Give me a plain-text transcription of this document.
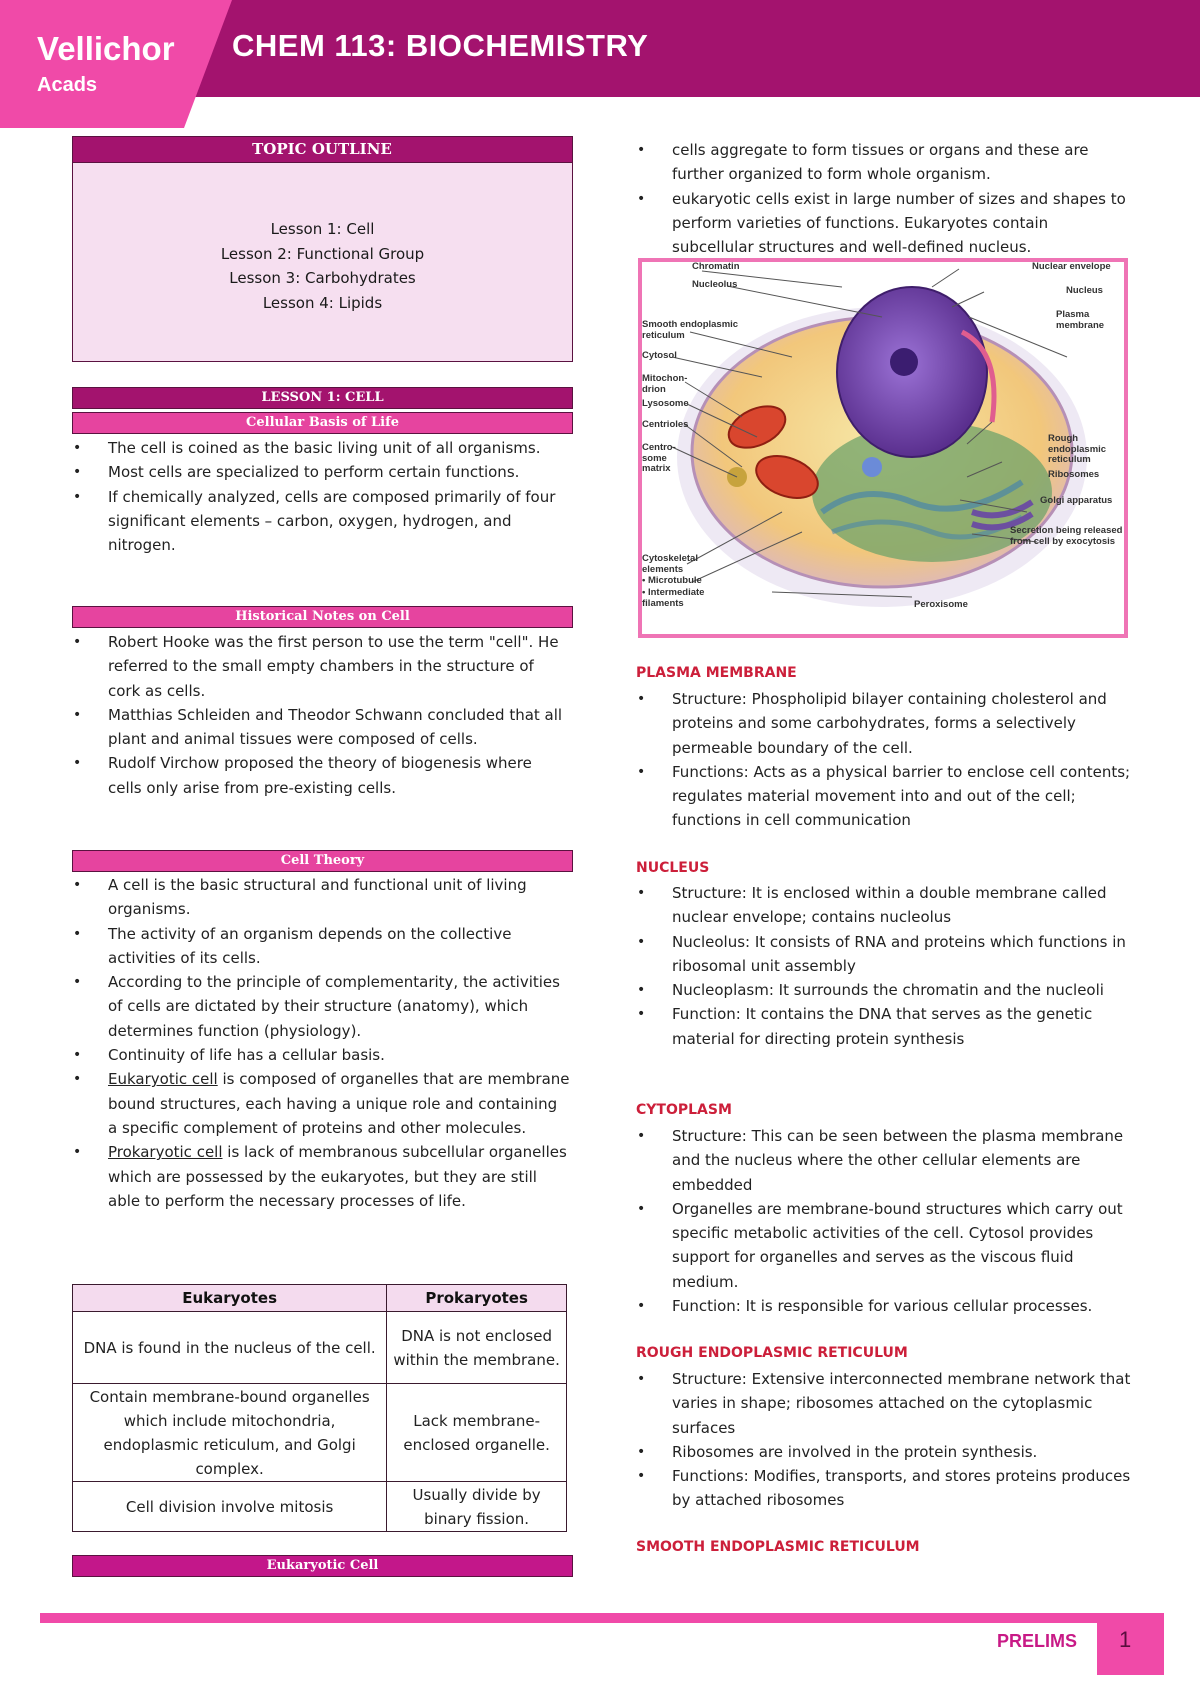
Vellichor
Acads
CHEM 113: BIOCHEMISTRY
TOPIC OUTLINE
Lesson 1: Cell
Lesson 2: Functional Group
Lesson 3: Carbohydrates
Lesson 4: Lipids
LESSON 1: CELL
Cellular Basis of Life
• The cell is coined as the basic living unit of all organisms.
• Most cells are specialized to perform certain functions.
• If chemically analyzed, cells are composed primarily of four significant elements – carbon, oxygen, hydrogen, and nitrogen.
Historical Notes on Cell
• Robert Hooke was the first person to use the term "cell". He referred to the small empty chambers in the structure of cork as cells.
• Matthias Schleiden and Theodor Schwann concluded that all plant and animal tissues were composed of cells.
• Rudolf Virchow proposed the theory of biogenesis where cells only arise from pre-existing cells.
Cell Theory
• A cell is the basic structural and functional unit of living organisms.
• The activity of an organism depends on the collective activities of its cells.
• According to the principle of complementarity, the activities of cells are dictated by their structure (anatomy), which determines function (physiology).
• Continuity of life has a cellular basis.
• Eukaryotic cell is composed of organelles that are membrane bound structures, each having a unique role and containing a specific complement of proteins and other molecules.
• Prokaryotic cell is lack of membranous subcellular organelles which are possessed by the eukaryotes, but they are still able to perform the necessary processes of life.
Eukaryotes	Prokaryotes
DNA is found in the nucleus of the cell.	DNA is not enclosed within the membrane.
Contain membrane-bound organelles which include mitochondria, endoplasmic reticulum, and Golgi complex.	Lack membrane-enclosed organelle.
Cell division involve mitosis	Usually divide by binary fission.
Eukaryotic Cell
• cells aggregate to form tissues or organs and these are further organized to form whole organism.
• eukaryotic cells exist in large number of sizes and shapes to perform varieties of functions. Eukaryotes contain subcellular structures and well-defined nucleus.
Chromatin
Nucleolus
Smooth endoplasmic reticulum
Cytosol
Mitochon-drion
Lysosome
Centrioles
Centro-some matrix
Cytoskeletal elements
• Microtubule
• Intermediate filaments
Nuclear envelope
Nucleus
Plasma membrane
Rough endoplasmic reticulum
Ribosomes
Golgi apparatus
Secretion being released from cell by exocytosis
Peroxisome
PLASMA MEMBRANE
• Structure: Phospholipid bilayer containing cholesterol and proteins and some carbohydrates, forms a selectively permeable boundary of the cell.
• Functions: Acts as a physical barrier to enclose cell contents; regulates material movement into and out of the cell; functions in cell communication
NUCLEUS
• Structure: It is enclosed within a double membrane called nuclear envelope; contains nucleolus
• Nucleolus: It consists of RNA and proteins which functions in ribosomal unit assembly
• Nucleoplasm: It surrounds the chromatin and the nucleoli
• Function: It contains the DNA that serves as the genetic material for directing protein synthesis
CYTOPLASM
• Structure: This can be seen between the plasma membrane and the nucleus where the other cellular elements are embedded
• Organelles are membrane-bound structures which carry out specific metabolic activities of the cell. Cytosol provides support for organelles and serves as the viscous fluid medium.
• Function: It is responsible for various cellular processes.
ROUGH ENDOPLASMIC RETICULUM
• Structure: Extensive interconnected membrane network that varies in shape; ribosomes attached on the cytoplasmic surfaces
• Ribosomes are involved in the protein synthesis.
• Functions: Modifies, transports, and stores proteins produces by attached ribosomes
SMOOTH ENDOPLASMIC RETICULUM
PRELIMS 1
